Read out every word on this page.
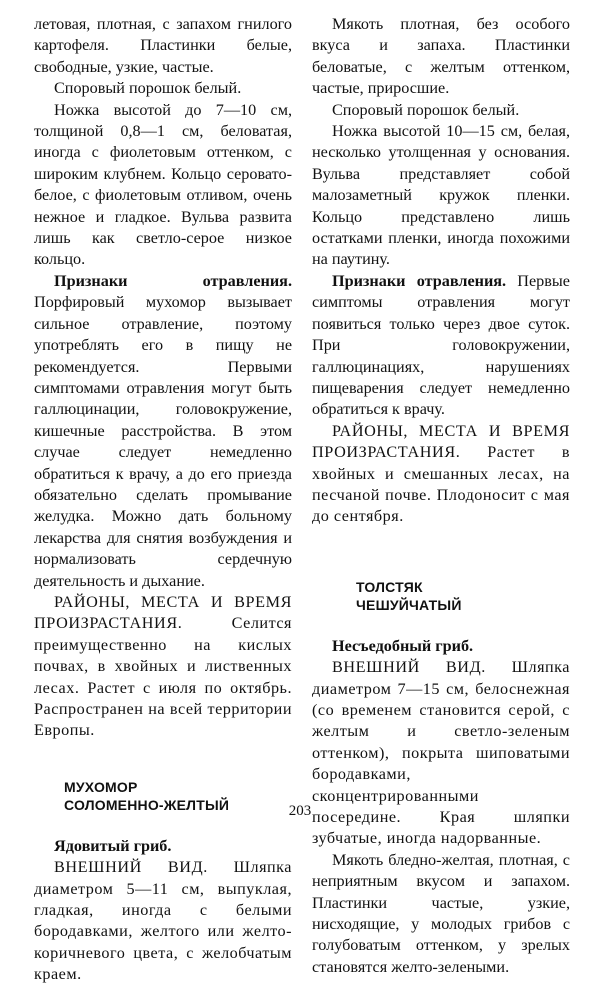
летовая, плотная, с запахом гнилого картофеля. Пластинки белые, свободные, узкие, частые.

Споровый порошок белый.

Ножка высотой до 7—10 см, толщиной 0,8—1 см, беловатая, иногда с фиолетовым оттенком, с широким клубнем. Кольцо серовато-белое, с фиолетовым отливом, очень нежное и гладкое. Вульва развита лишь как светло-серое низкое кольцо.

Признаки отравления. Порфировый мухомор вызывает сильное отравление, поэтому употреблять его в пищу не рекомендуется. Первыми симптомами отравления могут быть галлюцинации, головокружение, кишечные расстройства. В этом случае следует немедленно обратиться к врачу, а до его приезда обязательно сделать промывание желудка. Можно дать больному лекарства для снятия возбуждения и нормализовать сердечную деятельность и дыхание.

РАЙОНЫ, МЕСТА И ВРЕМЯ ПРОИЗРАСТАНИЯ. Селится преимущественно на кислых почвах, в хвойных и лиственных лесах. Растет с июля по октябрь. Распространен на всей территории Европы.

МУХОМОР
СОЛОМЕННО-ЖЕЛТЫЙ

Ядовитый гриб.

ВНЕШНИЙ ВИД. Шляпка диаметром 5—11 см, выпуклая, гладкая, иногда с белыми бородавками, желтого или желто-коричневого цвета, с желобчатым краем.

Мякоть плотная, без особого вкуса и запаха. Пластинки беловатые, с желтым оттенком, частые, приросшие.

Споровый порошок белый.

Ножка высотой 10—15 см, белая, несколько утолщенная у основания. Вульва представляет собой малозаметный кружок пленки. Кольцо представлено лишь остатками пленки, иногда похожими на паутину.

Признаки отравления. Первые симптомы отравления могут появиться только через двое суток. При головокружении, галлюцинациях, нарушениях пищеварения следует немедленно обратиться к врачу.

РАЙОНЫ, МЕСТА И ВРЕМЯ ПРОИЗРАСТАНИЯ. Растет в хвойных и смешанных лесах, на песчаной почве. Плодоносит с мая до сентября.

ТОЛСТЯК
ЧЕШУЙЧАТЫЙ

Несъедобный гриб.

ВНЕШНИЙ ВИД. Шляпка диаметром 7—15 см, белоснежная (со временем становится серой, с желтым и светло-зеленым оттенком), покрыта шиповатыми бородавками, сконцентрированными посередине. Края шляпки зубчатые, иногда надорванные.

Мякоть бледно-желтая, плотная, с неприятным вкусом и запахом. Пластинки частые, узкие, нисходящие, у молодых грибов с голубоватым оттенком, у зрелых становятся желто-зелеными.

203
